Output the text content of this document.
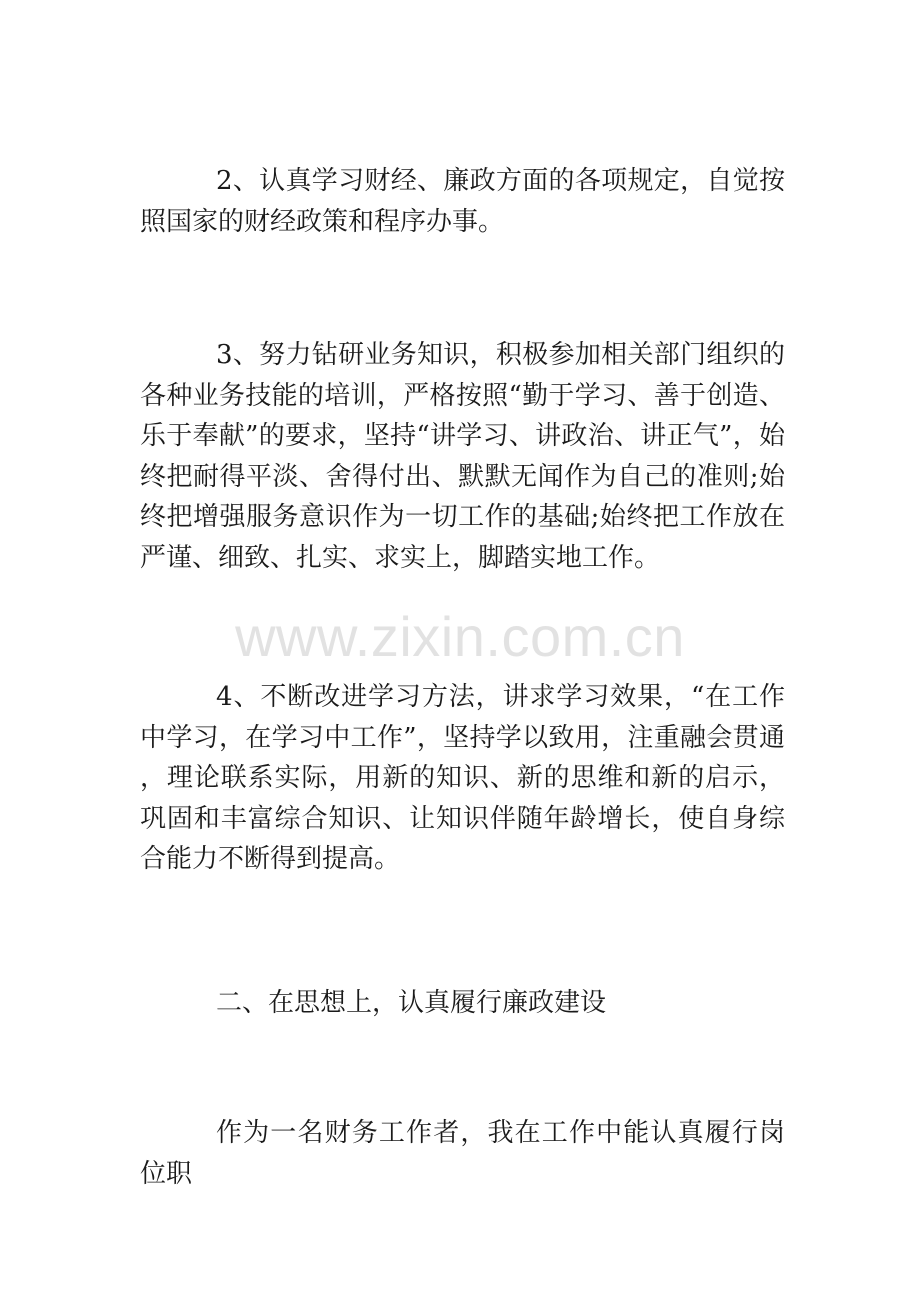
2、认真学习财经、廉政方面的各项规定，自觉按照国家的财经政策和程序办事。

3、努力钻研业务知识，积极参加相关部门组织的各种业务技能的培训，严格按照“勤于学习、善于创造、乐于奉献”的要求，坚持“讲学习、讲政治、讲正气”，始终把耐得平淡、舍得付出、默默无闻作为自己的准则;始终把增强服务意识作为一切工作的基础;始终把工作放在严谨、细致、扎实、求实上，脚踏实地工作。

www.zixin.com.cn

4、不断改进学习方法，讲求学习效果，“在工作中学习，在学习中工作”，坚持学以致用，注重融会贯通，理论联系实际，用新的知识、新的思维和新的启示，巩固和丰富综合知识、让知识伴随年龄增长，使自身综合能力不断得到提高。

二、在思想上，认真履行廉政建设

作为一名财务工作者，我在工作中能认真履行岗位职
